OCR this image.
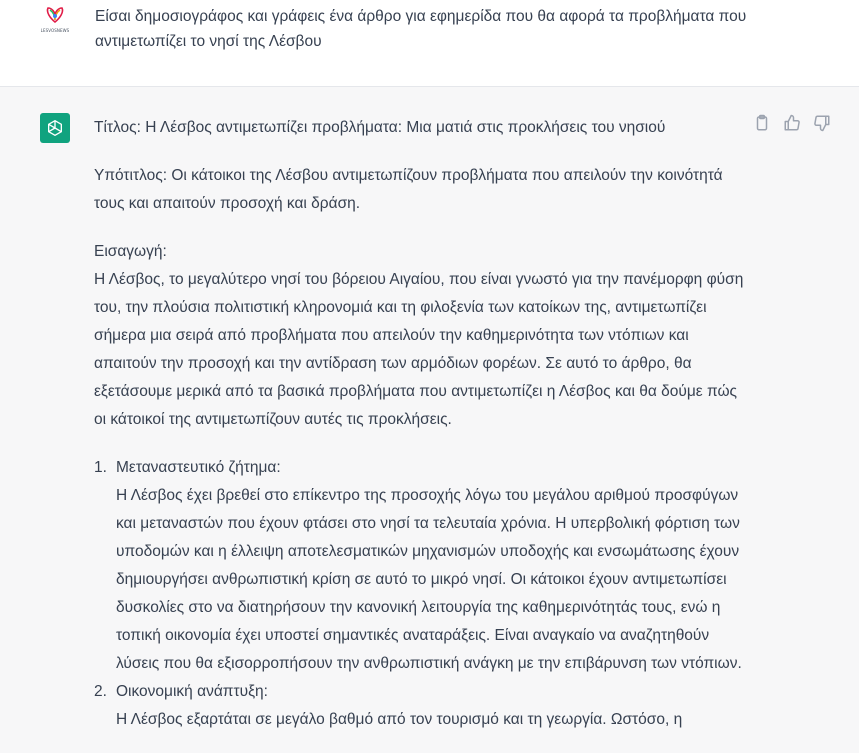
LESVOSNEWS

Είσαι δημοσιογράφος και γράφεις ένα άρθρο για εφημερίδα που θα αφορά τα προβλήματα που αντιμετωπίζει το νησί της Λέσβου

Τίτλος: Η Λέσβος αντιμετωπίζει προβλήματα: Μια ματιά στις προκλήσεις του νησιού

Υπότιτλος: Οι κάτοικοι της Λέσβου αντιμετωπίζουν προβλήματα που απειλούν την κοινότητά τους και απαιτούν προσοχή και δράση.

Εισαγωγή:
Η Λέσβος, το μεγαλύτερο νησί του βόρειου Αιγαίου, που είναι γνωστό για την πανέμορφη φύση του, την πλούσια πολιτιστική κληρονομιά και τη φιλοξενία των κατοίκων της, αντιμετωπίζει σήμερα μια σειρά από προβλήματα που απειλούν την καθημερινότητα των ντόπιων και απαιτούν την προσοχή και την αντίδραση των αρμόδιων φορέων. Σε αυτό το άρθρο, θα εξετάσουμε μερικά από τα βασικά προβλήματα που αντιμετωπίζει η Λέσβος και θα δούμε πώς οι κάτοικοί της αντιμετωπίζουν αυτές τις προκλήσεις.

1. Μεταναστευτικό ζήτημα:
Η Λέσβος έχει βρεθεί στο επίκεντρο της προσοχής λόγω του μεγάλου αριθμού προσφύγων και μεταναστών που έχουν φτάσει στο νησί τα τελευταία χρόνια. Η υπερβολική φόρτιση των υποδομών και η έλλειψη αποτελεσματικών μηχανισμών υποδοχής και ενσωμάτωσης έχουν δημιουργήσει ανθρωπιστική κρίση σε αυτό το μικρό νησί. Οι κάτοικοι έχουν αντιμετωπίσει δυσκολίες στο να διατηρήσουν την κανονική λειτουργία της καθημερινότητάς τους, ενώ η τοπική οικονομία έχει υποστεί σημαντικές αναταράξεις. Είναι αναγκαίο να αναζητηθούν λύσεις που θα εξισορροπήσουν την ανθρωπιστική ανάγκη με την επιβάρυνση των ντόπιων.
2. Οικονομική ανάπτυξη:
Η Λέσβος εξαρτάται σε μεγάλο βαθμό από τον τουρισμό και τη γεωργία. Ωστόσο, η
